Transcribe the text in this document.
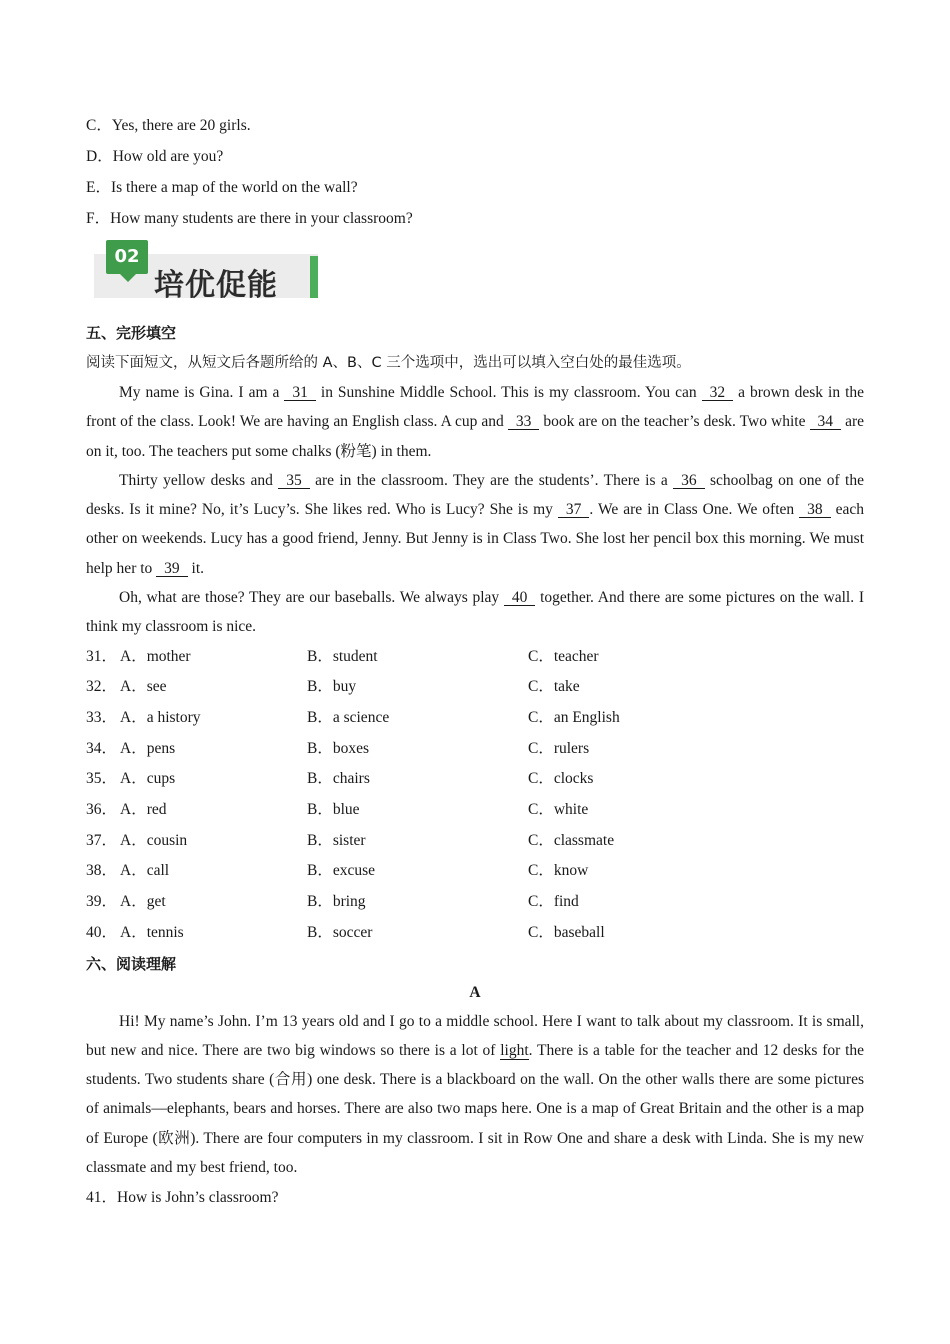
C．Yes, there are 20 girls.
D．How old are you?
E．Is there a map of the world on the wall?
F．How many students are there in your classroom?
02
培优促能
五、完形填空
阅读下面短文，从短文后各题所给的 A、B、C 三个选项中，选出可以填入空白处的最佳选项。
My name is Gina. I am a 31 in Sunshine Middle School. This is my classroom. You can 32 a brown desk in the front of the class. Look! We are having an English class. A cup and 33 book are on the teacher’s desk. Two white 34 are on it, too. The teachers put some chalks (粉笔) in them.
Thirty yellow desks and 35 are in the classroom. They are the students’. There is a 36 schoolbag on one of the desks. Is it mine? No, it’s Lucy’s. She likes red. Who is Lucy? She is my 37 . We are in Class One. We often 38 each other on weekends. Lucy has a good friend, Jenny. But Jenny is in Class Two. She lost her pencil box this morning. We must help her to 39 it.
Oh, what are those? They are our baseballs. We always play 40 together. And there are some pictures on the wall. I think my classroom is nice.
31． A．mother	B．student	C．teacher
32． A．see	B．buy	C．take
33． A．a history	B．a science	C．an English
34． A．pens	B．boxes	C．rulers
35． A．cups	B．chairs	C．clocks
36． A．red	B．blue	C．white
37． A．cousin	B．sister	C．classmate
38． A．call	B．excuse	C．know
39． A．get	B．bring	C．find
40． A．tennis	B．soccer	C．baseball
六、阅读理解
A
Hi! My name’s John. I’m 13 years old and I go to a middle school. Here I want to talk about my classroom. It is small, but new and nice. There are two big windows so there is a lot of light. There is a table for the teacher and 12 desks for the students. Two students share (合用) one desk. There is a blackboard on the wall. On the other walls there are some pictures of animals—elephants, bears and horses. There are also two maps here. One is a map of Great Britain and the other is a map of Europe (欧洲). There are four computers in my classroom. I sit in Row One and share a desk with Linda. She is my new classmate and my best friend, too.
41．How is John’s classroom?
